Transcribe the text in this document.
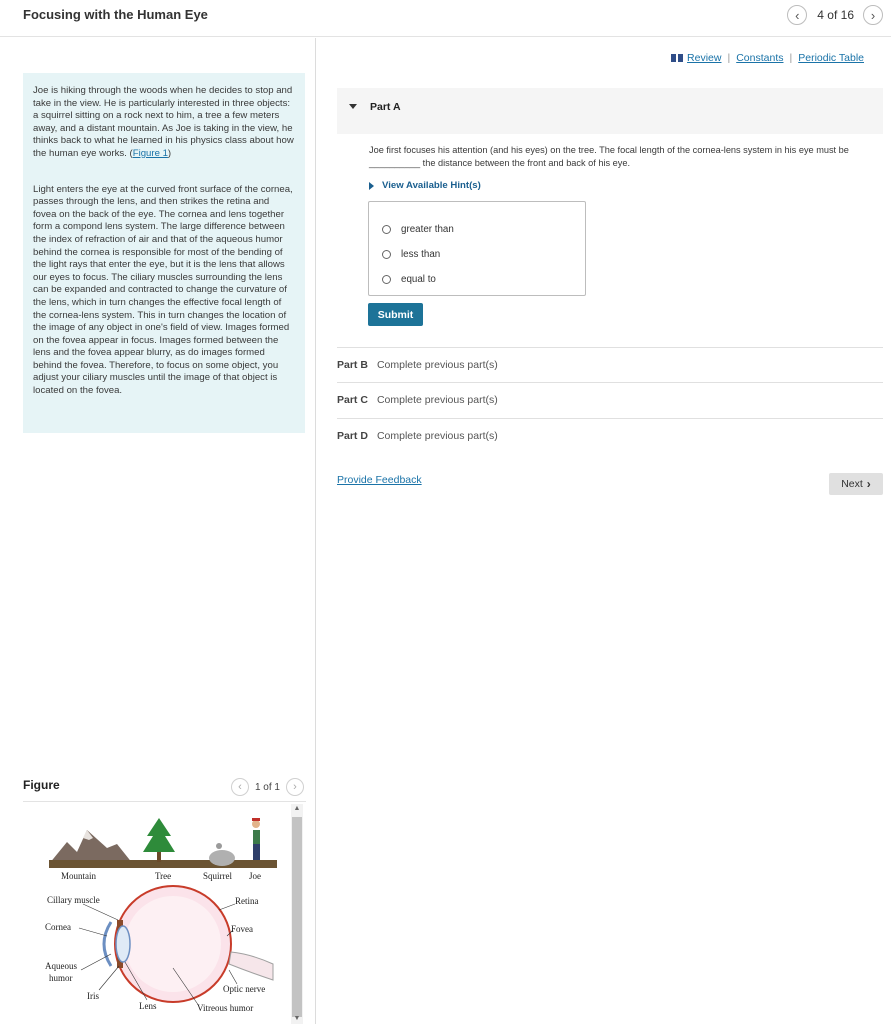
Focusing with the Human Eye	‹ 4 of 16 ›

Joe is hiking through the woods when he decides to stop and take in the view. He is particularly interested in three objects: a squirrel sitting on a rock next to him, a tree a few meters away, and a distant mountain. As Joe is taking in the view, he thinks back to what he learned in his physics class about how the human eye works. (Figure 1)

Light enters the eye at the curved front surface of the cornea, passes through the lens, and then strikes the retina and fovea on the back of the eye. The cornea and lens together form a compond lens system. The large difference between the index of refraction of air and that of the aqueous humor behind the cornea is responsible for most of the bending of the light rays that enter the eye, but it is the lens that allows our eyes to focus. The ciliary muscles surrounding the lens can be expanded and contracted to change the curvature of the lens, which in turn changes the effective focal length of the cornea-lens system. This in turn changes the location of the image of any object in one's field of view. Images formed on the fovea appear in focus. Images formed between the lens and the fovea appear blurry, as do images formed behind the fovea. Therefore, to focus on some object, you adjust your ciliary muscles until the image of that object is located on the fovea.

Figure	‹ 1 of 1 ›
Mountain	Tree	Squirrel Joe
Cillary muscle	Retina
Cornea	Fovea
Aqueous
humor
Iris
Optic nerve
Lens	Vitreous humor
▲
▼
Review | Constants | Periodic Table
Part A
Joe first focuses his attention (and his eyes) on the tree. The focal length of the cornea-lens system in his eye must be __________ the distance between the front and back of his eye.
View Available Hint(s)
greater than
less than
equal to
Submit
Part B Complete previous part(s)
Part C Complete previous part(s)
Part D Complete previous part(s)
Provide Feedback	Next ›
